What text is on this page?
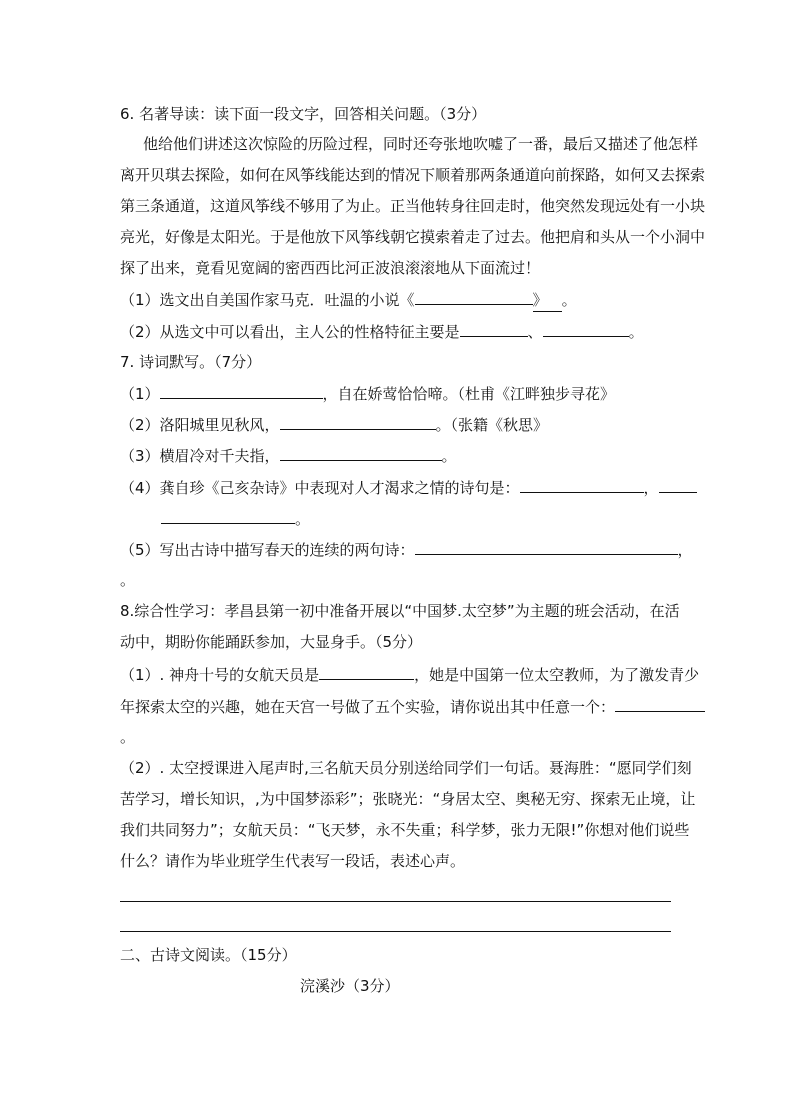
6. 名著导读：读下面一段文字，回答相关问题。（3分）
他给他们讲述这次惊险的历险过程，同时还夸张地吹嘘了一番，最后又描述了他怎样
离开贝琪去探险，如何在风筝线能达到的情况下顺着那两条通道向前探路，如何又去探索
第三条通道，这道风筝线不够用了为止。正当他转身往回走时，他突然发现远处有一小块
亮光，好像是太阳光。于是他放下风筝线朝它摸索着走了过去。他把肩和头从一个小洞中
探了出来，竟看见宽阔的密西西比河正波浪滚滚地从下面流过！
（1）选文出自美国作家马克．吐温的小说《	》 。
（2）从选文中可以看出，主人公的性格特征主要是	、	。
7. 诗词默写。（7分）
（1）	，自在娇莺恰恰啼。（杜甫《江畔独步寻花》
（2）洛阳城里见秋风，	。（张籍《秋思》
（3）横眉冷对千夫指，	。
（4）龚自珍《己亥杂诗》中表现对人才渴求之情的诗句是：	，
。
（5）写出古诗中描写春天的连续的两句诗：	，
。
8.综合性学习：孝昌县第一初中准备开展以“中国梦.太空梦”为主题的班会活动，在活
动中，期盼你能踊跃参加，大显身手。（5分）
（1）. 神舟十号的女航天员是	，她是中国第一位太空教师，为了激发青少
年探索太空的兴趣，她在天宫一号做了五个实验，请你说出其中任意一个：
。
（2）. 太空授课进入尾声时,三名航天员分别送给同学们一句话。聂海胜：“愿同学们刻
苦学习，增长知识，,为中国梦添彩”；张晓光：“身居太空、奥秘无穷、探索无止境，让
我们共同努力”；女航天员：“飞天梦，永不失重；科学梦，张力无限!”你想对他们说些
什么？请作为毕业班学生代表写一段话，表述心声。
二、古诗文阅读。（15分）
浣溪沙（3分）
